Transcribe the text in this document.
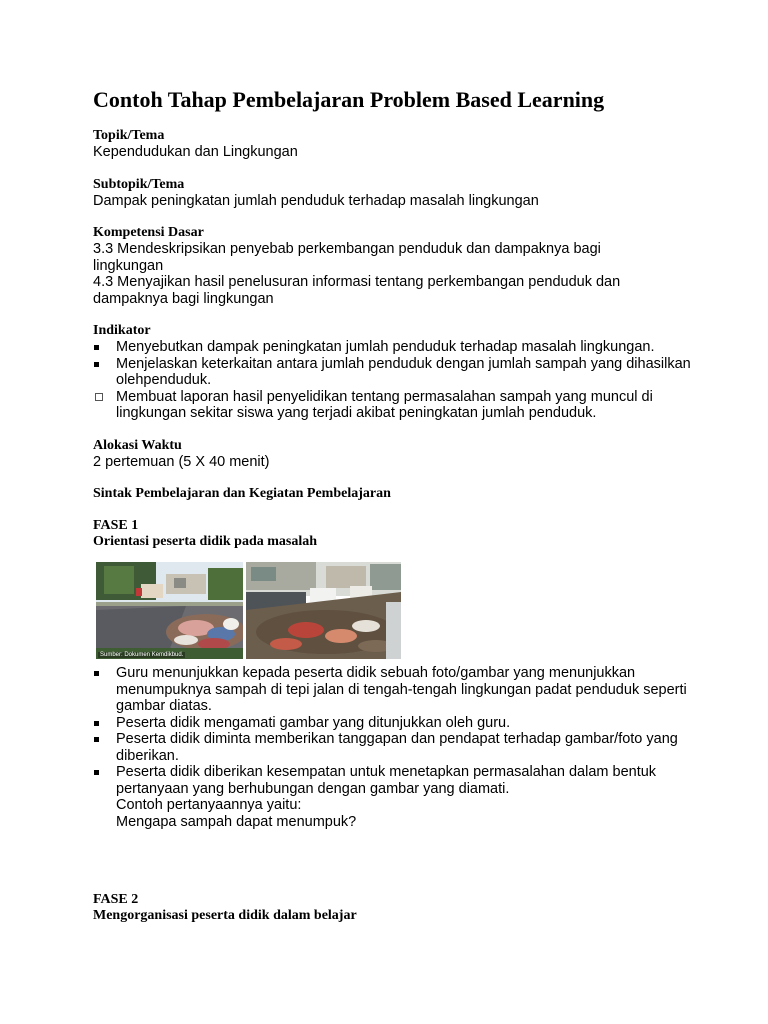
Contoh Tahap Pembelajaran Problem Based Learning
Topik/Tema
Kependudukan dan Lingkungan
Subtopik/Tema
Dampak peningkatan jumlah penduduk terhadap masalah lingkungan
Kompetensi Dasar
3.3 Mendeskripsikan penyebab perkembangan penduduk dan dampaknya bagi
lingkungan
4.3 Menyajikan hasil penelusuran informasi tentang perkembangan penduduk dan
dampaknya bagi lingkungan
Indikator
Menyebutkan dampak peningkatan jumlah penduduk terhadap masalah lingkungan.
Menjelaskan keterkaitan antara jumlah penduduk dengan jumlah sampah yang dihasilkan olehpenduduk.
Membuat laporan hasil penyelidikan tentang permasalahan sampah yang muncul di lingkungan sekitar siswa yang terjadi akibat peningkatan jumlah penduduk.
Alokasi Waktu
2 pertemuan (5 X 40 menit)
Sintak Pembelajaran dan Kegiatan Pembelajaran
FASE 1
Orientasi peserta didik pada masalah
Sumber: Dokumen Kemdikbud.
Guru menunjukkan kepada peserta didik sebuah foto/gambar yang menunjukkan menumpuknya sampah di tepi jalan di tengah-tengah lingkungan padat penduduk seperti gambar diatas.
Peserta didik mengamati gambar yang ditunjukkan oleh guru.
Peserta didik diminta memberikan tanggapan dan pendapat terhadap gambar/foto yang diberikan.
Peserta didik diberikan kesempatan untuk menetapkan permasalahan dalam bentuk pertanyaan yang berhubungan dengan gambar yang diamati.
Contoh pertanyaannya yaitu:
Mengapa sampah dapat menumpuk?
FASE 2
Mengorganisasi peserta didik dalam belajar
